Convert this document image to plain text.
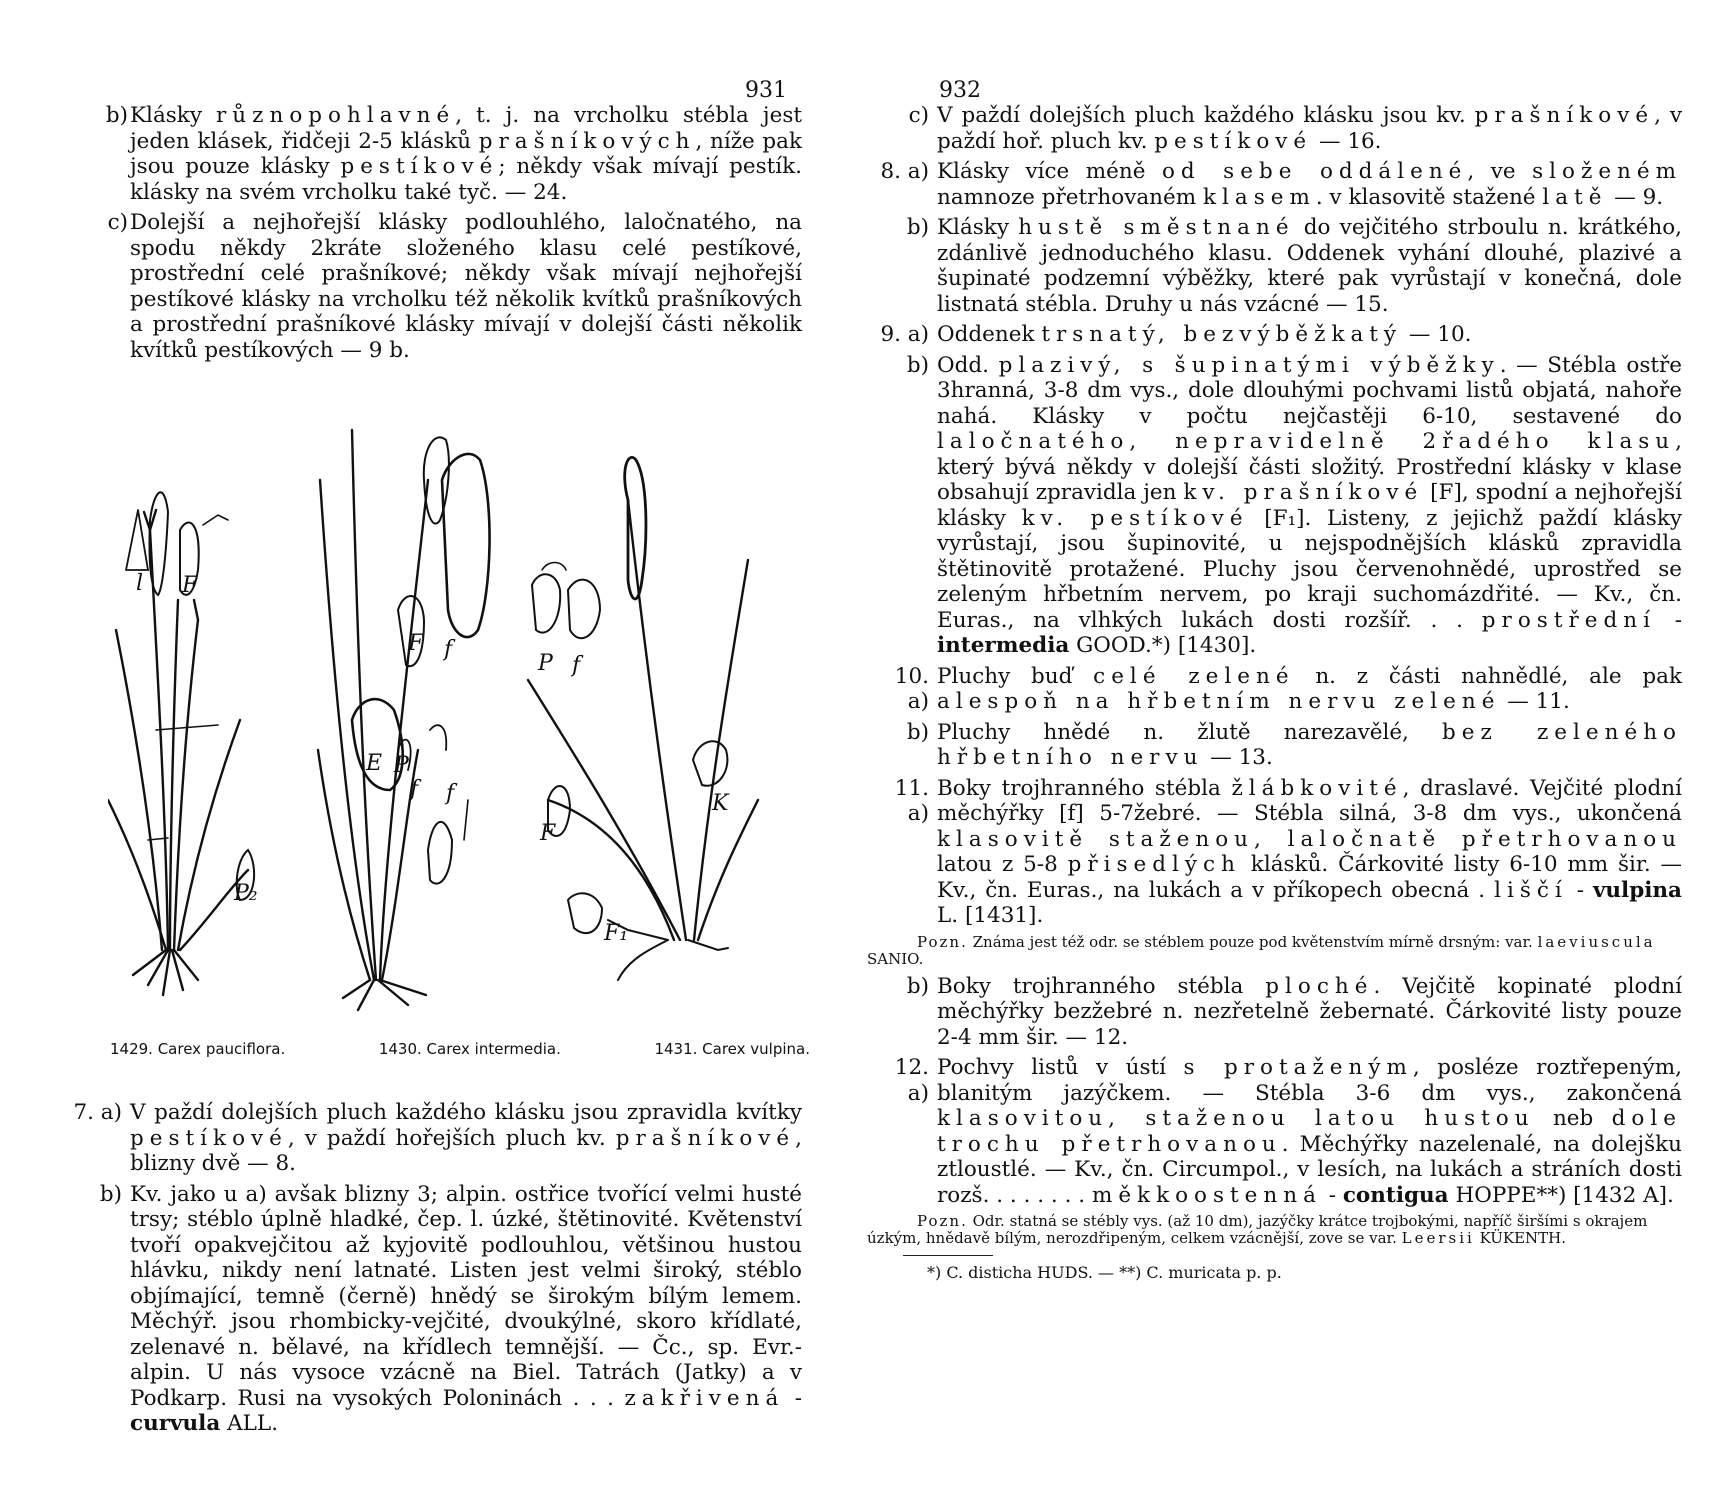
931
b) Klásky různopohlavné, t. j. na vrcholku stébla jest jeden klásek, řidčeji 2-5 klásků prašníkových, níže pak jsou pouze klásky pestíkové; někdy však mívají pestík. klásky na svém vrcholku také tyč. — 24.
c) Dolejší a nejhořejší klásky podlouhlého, laločnatého, na spodu někdy 2kráte složeného klasu celé pestíkové, prostřední celé prašníkové; někdy však mívají nejhořejší pestíkové klásky na vrcholku též několik kvítků prašníkových a prostřední prašníkové klásky mívají v dolejší části několik kvítků pestíkových — 9 b.
l F
P₂
F
E P
f f
f
P f
F
K
F₁
1429. Carex pauciflora.	1430. Carex intermedia.	1431. Carex vulpina.
7. a) V paždí dolejších pluch každého klásku jsou zpravidla kvítky pestíkové, v paždí hořejších pluch kv. prašníkové, blizny dvě — 8.
b) Kv. jako u a) avšak blizny 3; alpin. ostřice tvořící velmi husté trsy; stéblo úplně hladké, čep. l. úzké, štětinovité. Květenství tvoří opakvejčitou až kyjovitě podlouhlou, většinou hustou hlávku, nikdy není latnaté. Listen jest velmi široký, stéblo objímající, temně (černě) hnědý se širokým bílým lemem. Měchýř. jsou rhombicky-vejčité, dvoukýlné, skoro křídlaté, zelenavé n. bělavé, na křídlech temnější. — Čc., sp. Evr.-alpin. U nás vysoce vzácně na Biel. Tatrách (Jatky) a v Podkarp. Rusi na vysokých Poloninách . . . zakřivená - curvula ALL.
932
c) V paždí dolejších pluch každého klásku jsou kv. prašníkové, v paždí hoř. pluch kv. pestíkové — 16.
8. a) Klásky více méně od sebe oddálené, ve složeném namnoze přetrhovaném klasem. v klasovitě stažené latě — 9.
b) Klásky hustě směstnané do vejčitého strboulu n. krátkého, zdánlivě jednoduchého klasu. Oddenek vyhání dlouhé, plazivé a šupinaté podzemní výběžky, které pak vyrůstají v konečná, dole listnatá stébla. Druhy u nás vzácné — 15.
9. a) Oddenek trsnatý, bezvýběžkatý — 10.
b) Odd. plazivý, s šupinatými výběžky. — Stébla ostře 3hranná, 3-8 dm vys., dole dlouhými pochvami listů objatá, nahoře nahá. Klásky v počtu nejčastěji 6-10, sestavené do laločnatého, nepravidelně 2řadého klasu, který bývá někdy v dolejší části složitý. Prostřední klásky v klase obsahují zpravidla jen kv. prašníkové [F], spodní a nejhořejší klásky kv. pestíkové [F₁]. Listeny, z jejichž paždí klásky vyrůstají, jsou šupinovité, u nejspodnějších klásků zpravidla štětinovitě protažené. Pluchy jsou červenohnědé, uprostřed se zeleným hřbetním nervem, po kraji suchomázdřité. — Kv., čn. Euras., na vlhkých lukách dosti rozšíř. . . prostřední - intermedia GOOD.*) [1430].
10. a)
Pluchy buď celé zelené n. z části nahnědlé, ale pak alespoň na hřbetním nervu zelené — 11.
b) Pluchy hnědé n. žlutě narezavělé, bez zeleného hřbetního nervu — 13.
11. a)
Boky trojhranného stébla žlábkovité, draslavé. Vejčité plodní měchýřky [f] 5-7žebré. — Stébla silná, 3-8 dm vys., ukončená klasovitě staženou, laločnatě přetrhovanou latou z 5-8 přisedlých klásků. Čárkovité listy 6-10 mm šir. — Kv., čn. Euras., na lukách a v příkopech obecná . liščí - vulpina L. [1431].

Pozn. Známa jest též odr. se stéblem pouze pod květenstvím mírně drsným: var. laeviuscula SANIO.

b) Boky trojhranného stébla ploché. Vejčitě kopinaté plodní měchýřky bezžebré n. nezřetelně žebernaté. Čárkovité listy pouze 2-4 mm šir. — 12.
12. a)
Pochvy listů v ústí s protaženým, posléze roztřepeným, blanitým jazýčkem. — Stébla 3-6 dm vys., zakončená klasovitou, staženou latou hustou neb dole trochu přetrhovanou. Měchýřky nazelenalé, na dolejšku ztloustlé. — Kv., čn. Circumpol., v lesích, na lukách a stráních dosti rozš. . . . . . . . měkkoostenná - contigua HOPPE**) [1432 A].

Pozn. Odr. statná se stébly vys. (až 10 dm), jazýčky krátce trojbokými, napříč širšími s okrajem úzkým, hnědavě bílým, nerozdřipeným, celkem vzácnější, zove se var. Leersii KÜKENTH.

*) C. disticha HUDS. — **) C. muricata p. p.
